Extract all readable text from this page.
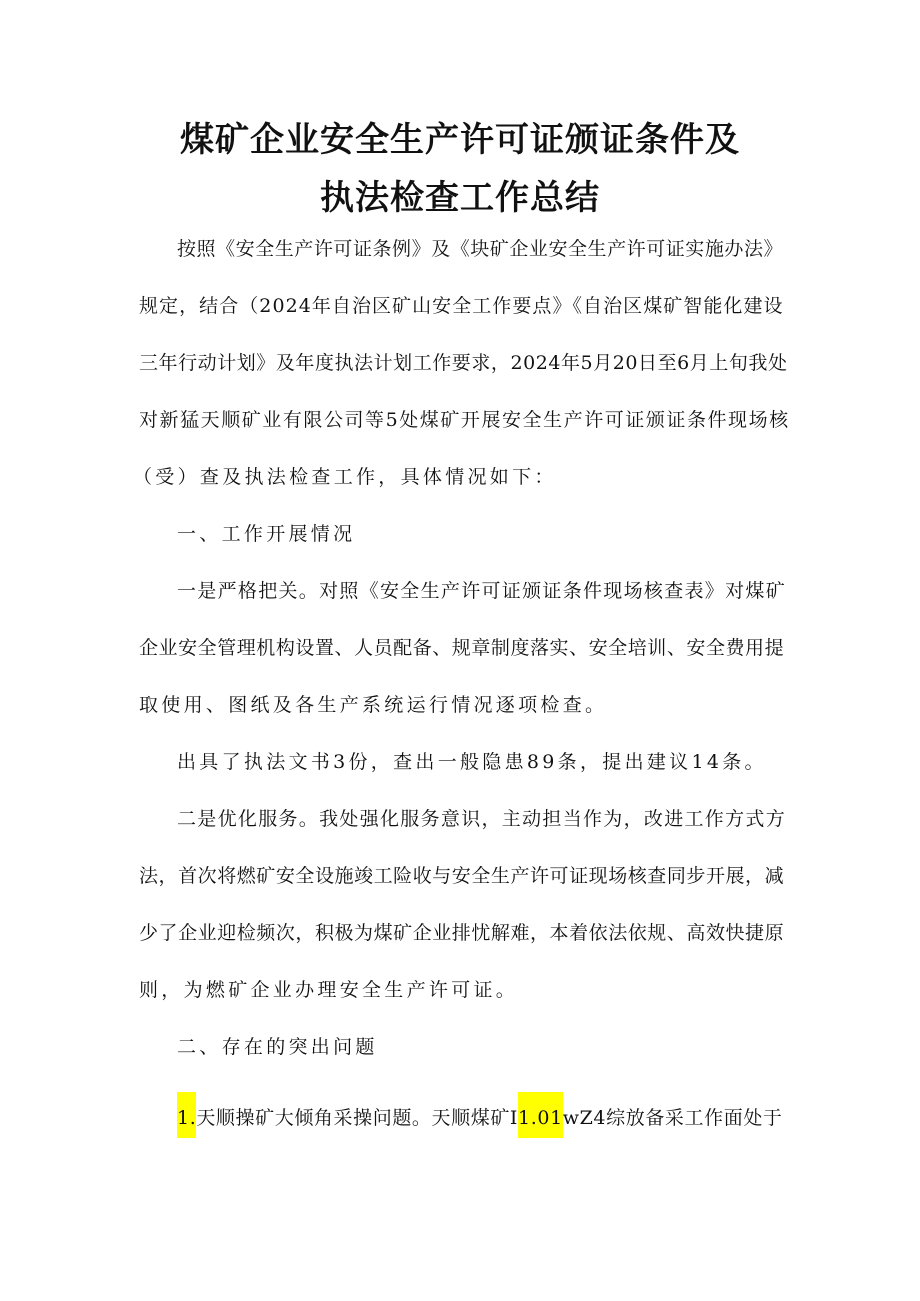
煤矿企业安全生产许可证颁证条件及
执法检查工作总结
按照《安全生产许可证条例》及《块矿企业安全生产许可证实施办法》
规定，结合（2024年自治区矿山安全工作要点》《自治区煤矿智能化建设
三年行动计划》及年度执法计划工作要求，2024年5月20日至6月上旬我处
对新猛天顺矿业有限公司等5处煤矿开展安全生产许可证颁证条件现场核
（受）查及执法检查工作，具体情况如下：
一、工作开展情况
一是严格把关。对照《安全生产许可证颁证条件现场核查表》对煤矿
企业安全管理机构设置、人员配备、规章制度落实、安全培训、安全费用提
取使用、图纸及各生产系统运行情况逐项检查。
出具了执法文书3份，查出一般隐患89条，提出建议14条。
二是优化服务。我处强化服务意识，主动担当作为，改进工作方式方
法，首次将燃矿安全设施竣工险收与安全生产许可证现场核查同步开展，减
少了企业迎检频次，积极为煤矿企业排忧解难，本着依法依规、高效快捷原
则，为燃矿企业办理安全生产许可证。
二、存在的突出问题
1.天顺操矿大倾角采操问题。天顺煤矿I1.01wZ4综放备采工作面处于
